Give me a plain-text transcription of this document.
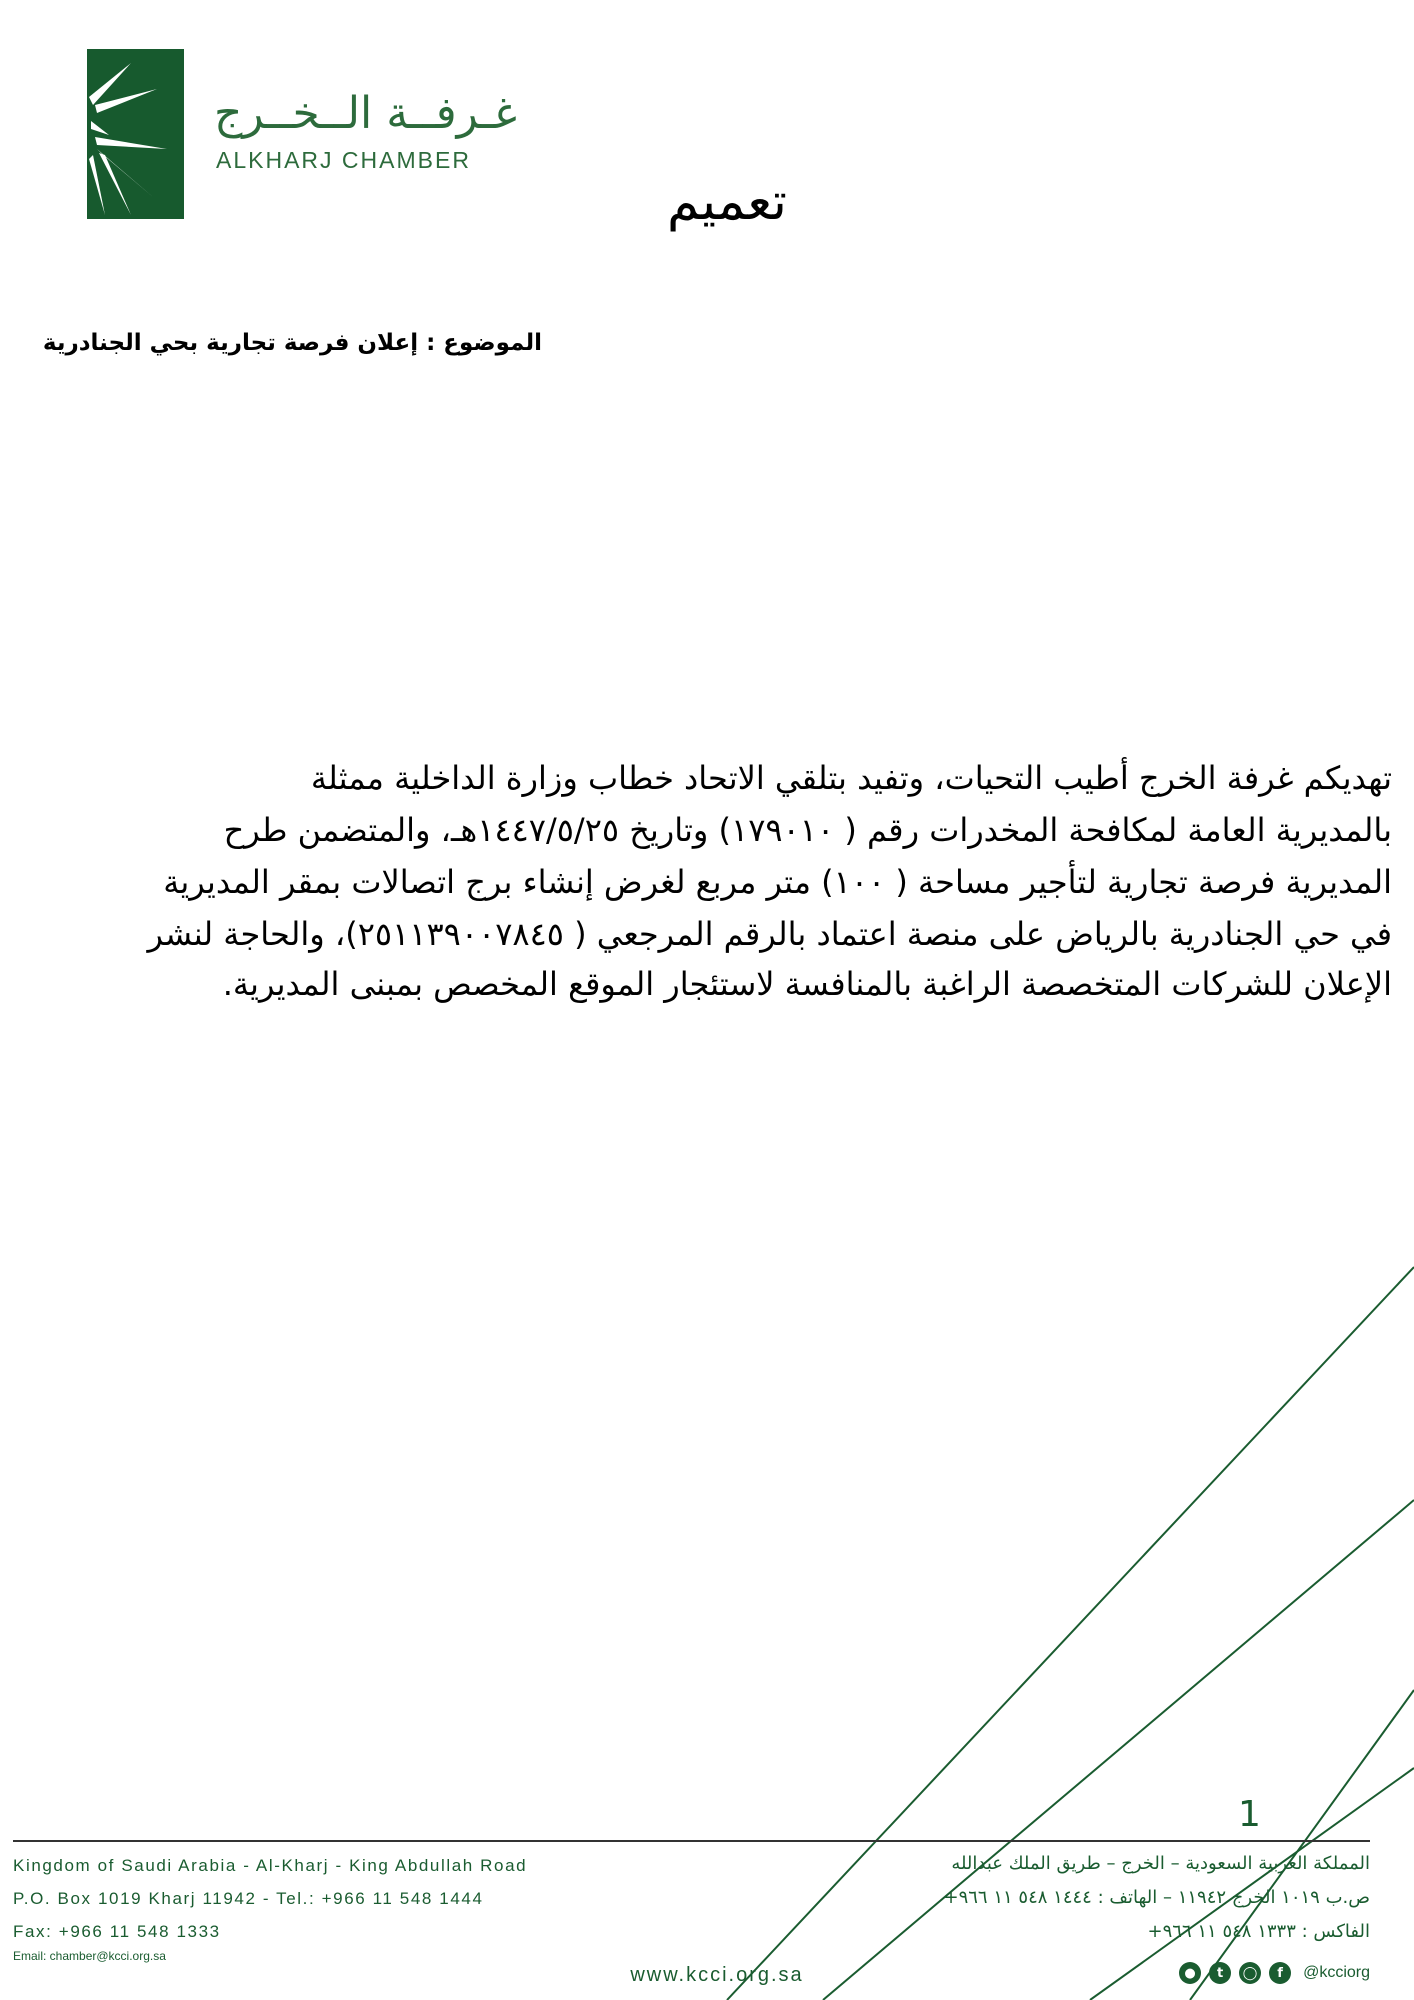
غـرفــة الــخــرج
ALKHARJ CHAMBER
تعميم
الموضوع : إعلان فرصة تجارية بحي الجنادرية
تهديكم غرفة الخرج أطيب التحيات، وتفيد بتلقي الاتحاد خطاب وزارة الداخلية ممثلة
بالمديرية العامة لمكافحة المخدرات رقم ( ١٧٩٠١٠) وتاريخ ١٤٤٧/٥/٢٥هـ، والمتضمن طرح
المديرية فرصة تجارية لتأجير مساحة ( ١٠٠) متر مربع لغرض إنشاء برج اتصالات بمقر المديرية
في حي الجنادرية بالرياض على منصة اعتماد بالرقم المرجعي ( ٢٥١١٣٩٠٠٧٨٤٥)، والحاجة لنشر
الإعلان للشركات المتخصصة الراغبة بالمنافسة لاستئجار الموقع المخصص بمبنى المديرية.
1
Kingdom of Saudi Arabia - Al-Kharj - King Abdullah Road
P.O. Box 1019 Kharj 11942 - Tel.: +966 11 548 1444
Fax: +966 11 548 1333
Email: chamber@kcci.org.sa
المملكة العربية السعودية – الخرج – طريق الملك عبدالله
ص.ب ١٠١٩ الخرج ١١٩٤٢ – الهاتف : ١٤٤٤ ٥٤٨ ١١ ٩٦٦+
الفاكس : ١٣٣٣ ٥٤٨ ١١ ٩٦٦+
www.kcci.org.sa	●	t	◯	f	@kcciorg
